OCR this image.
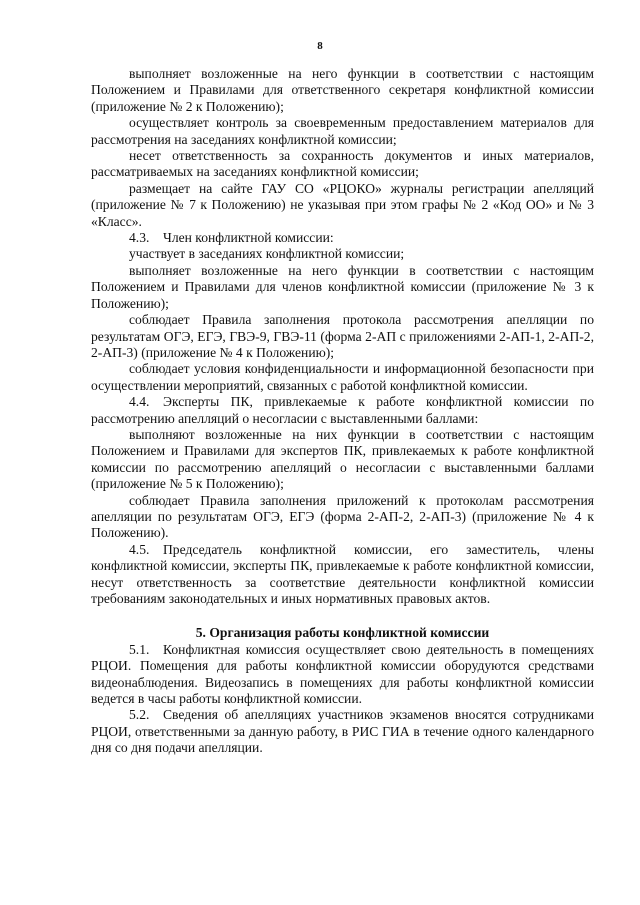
8

выполняет возложенные на него функции в соответствии с настоящим Положением и Правилами для ответственного секретаря конфликтной комиссии (приложение № 2 к Положению);

осуществляет контроль за своевременным предоставлением материалов для рассмотрения на заседаниях конфликтной комиссии;

несет ответственность за сохранность документов и иных материалов, рассматриваемых на заседаниях конфликтной комиссии;

размещает на сайте ГАУ СО «РЦОКО» журналы регистрации апелляций (приложение № 7 к Положению) не указывая при этом графы № 2 «Код ОО» и № 3 «Класс».

4.3. Член конфликтной комиссии:

участвует в заседаниях конфликтной комиссии;

выполняет возложенные на него функции в соответствии с настоящим Положением и Правилами для членов конфликтной комиссии (приложение № 3 к Положению);

соблюдает Правила заполнения протокола рассмотрения апелляции по результатам ОГЭ, ЕГЭ, ГВЭ-9, ГВЭ-11 (форма 2-АП с приложениями 2-АП-1, 2-АП-2, 2-АП-3) (приложение № 4 к Положению);

соблюдает условия конфиденциальности и информационной безопасности при осуществлении мероприятий, связанных с работой конфликтной комиссии.

4.4. Эксперты ПК, привлекаемые к работе конфликтной комиссии по рассмотрению апелляций о несогласии с выставленными баллами:

выполняют возложенные на них функции в соответствии с настоящим Положением и Правилами для экспертов ПК, привлекаемых к работе конфликтной комиссии по рассмотрению апелляций о несогласии с выставленными баллами (приложение № 5 к Положению);

соблюдает Правила заполнения приложений к протоколам рассмотрения апелляции по результатам ОГЭ, ЕГЭ (форма 2-АП-2, 2-АП-3) (приложение № 4 к Положению).

4.5. Председатель конфликтной комиссии, его заместитель, члены конфликтной комиссии, эксперты ПК, привлекаемые к работе конфликтной комиссии, несут ответственность за соответствие деятельности конфликтной комиссии требованиям законодательных и иных нормативных правовых актов.

5. Организация работы конфликтной комиссии

5.1. Конфликтная комиссия осуществляет свою деятельность в помещениях РЦОИ. Помещения для работы конфликтной комиссии оборудуются средствами видеонаблюдения. Видеозапись в помещениях для работы конфликтной комиссии ведется в часы работы конфликтной комиссии.

5.2. Сведения об апелляциях участников экзаменов вносятся сотрудниками РЦОИ, ответственными за данную работу, в РИС ГИА в течение одного календарного дня со дня подачи апелляции.
